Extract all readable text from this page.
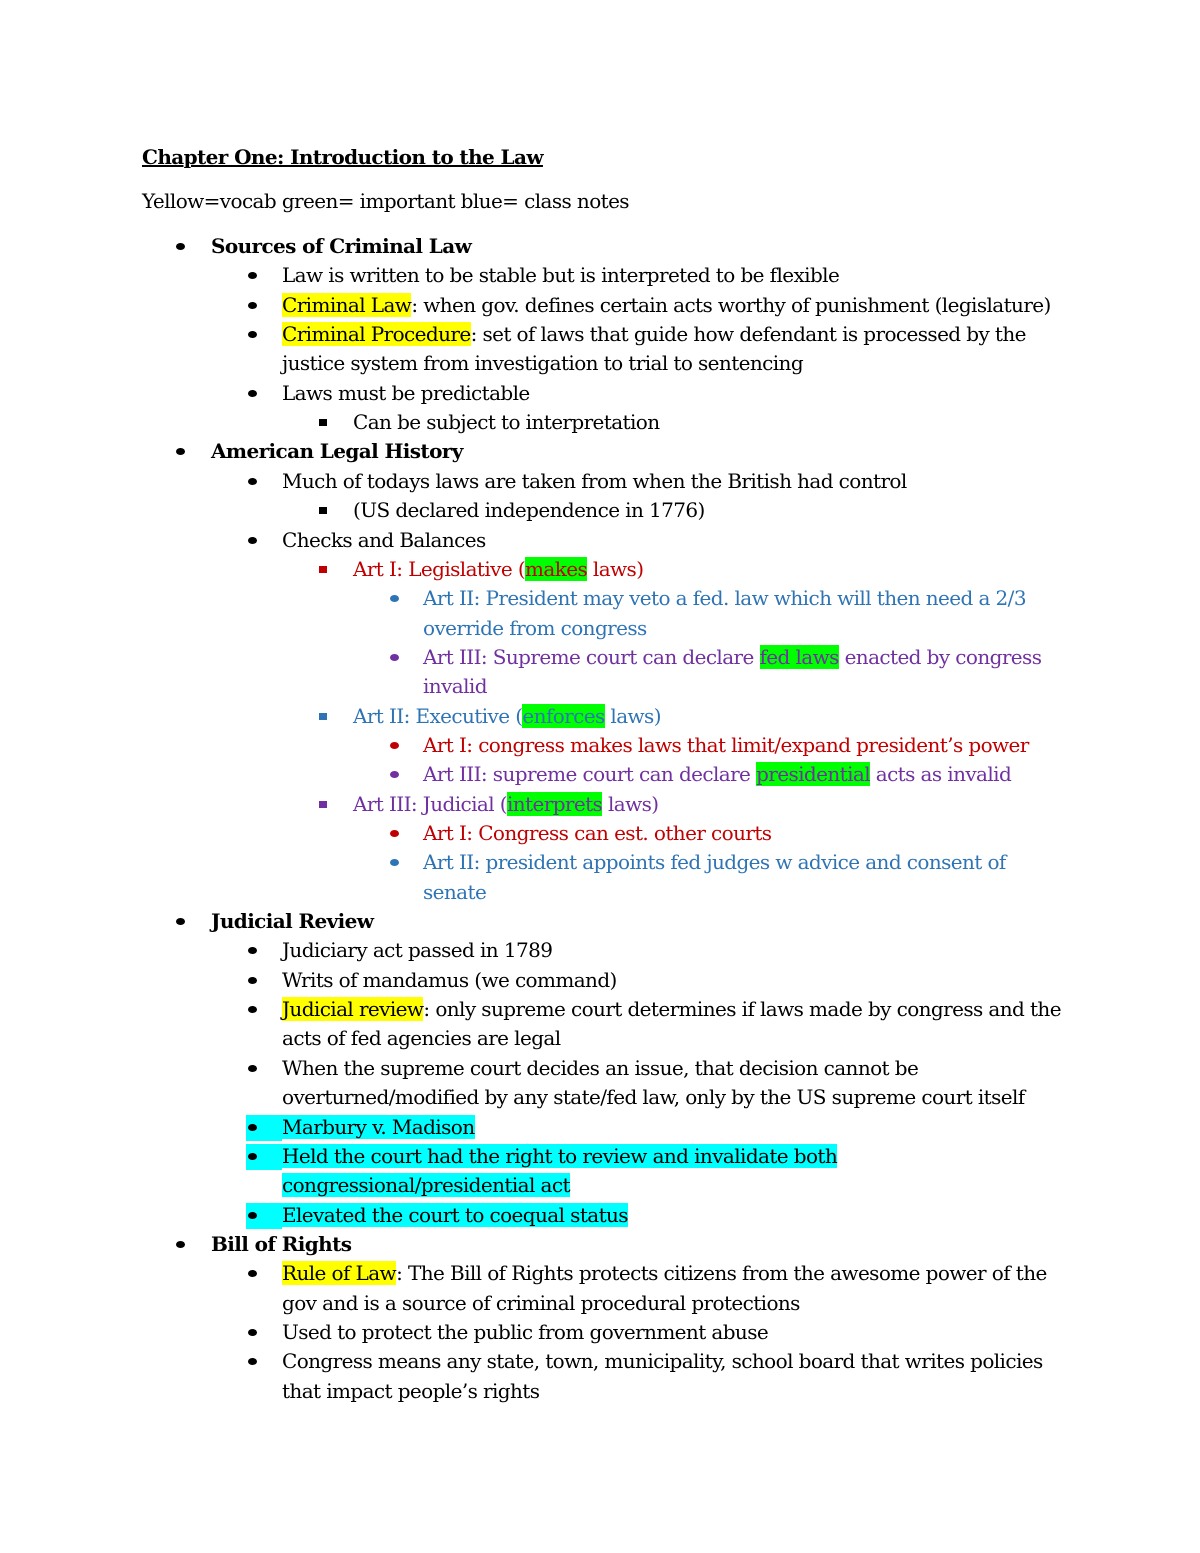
Chapter One: Introduction to the Law
Yellow=vocab green= important blue= class notes
Sources of Criminal Law
Law is written to be stable but is interpreted to be flexible
Criminal Law: when gov. defines certain acts worthy of punishment (legislature)
Criminal Procedure: set of laws that guide how defendant is processed by the
justice system from investigation to trial to sentencing
Laws must be predictable
Can be subject to interpretation
American Legal History
Much of todays laws are taken from when the British had control
(US declared independence in 1776)
Checks and Balances
Art I: Legislative (makes laws)
Art II: President may veto a fed. law which will then need a 2/3
override from congress
Art III: Supreme court can declare fed laws enacted by congress
invalid
Art II: Executive (enforces laws)
Art I: congress makes laws that limit/expand president’s power
Art III: supreme court can declare presidential acts as invalid
Art III: Judicial (interprets laws)
Art I: Congress can est. other courts
Art II: president appoints fed judges w advice and consent of
senate
Judicial Review
Judiciary act passed in 1789
Writs of mandamus (we command)
Judicial review: only supreme court determines if laws made by congress and the
acts of fed agencies are legal
When the supreme court decides an issue, that decision cannot be
overturned/modified by any state/fed law, only by the US supreme court itself
Marbury v. Madison
Held the court had the right to review and invalidate both
congressional/presidential act
Elevated the court to coequal status
Bill of Rights
Rule of Law: The Bill of Rights protects citizens from the awesome power of the
gov and is a source of criminal procedural protections
Used to protect the public from government abuse
Congress means any state, town, municipality, school board that writes policies
that impact people’s rights
